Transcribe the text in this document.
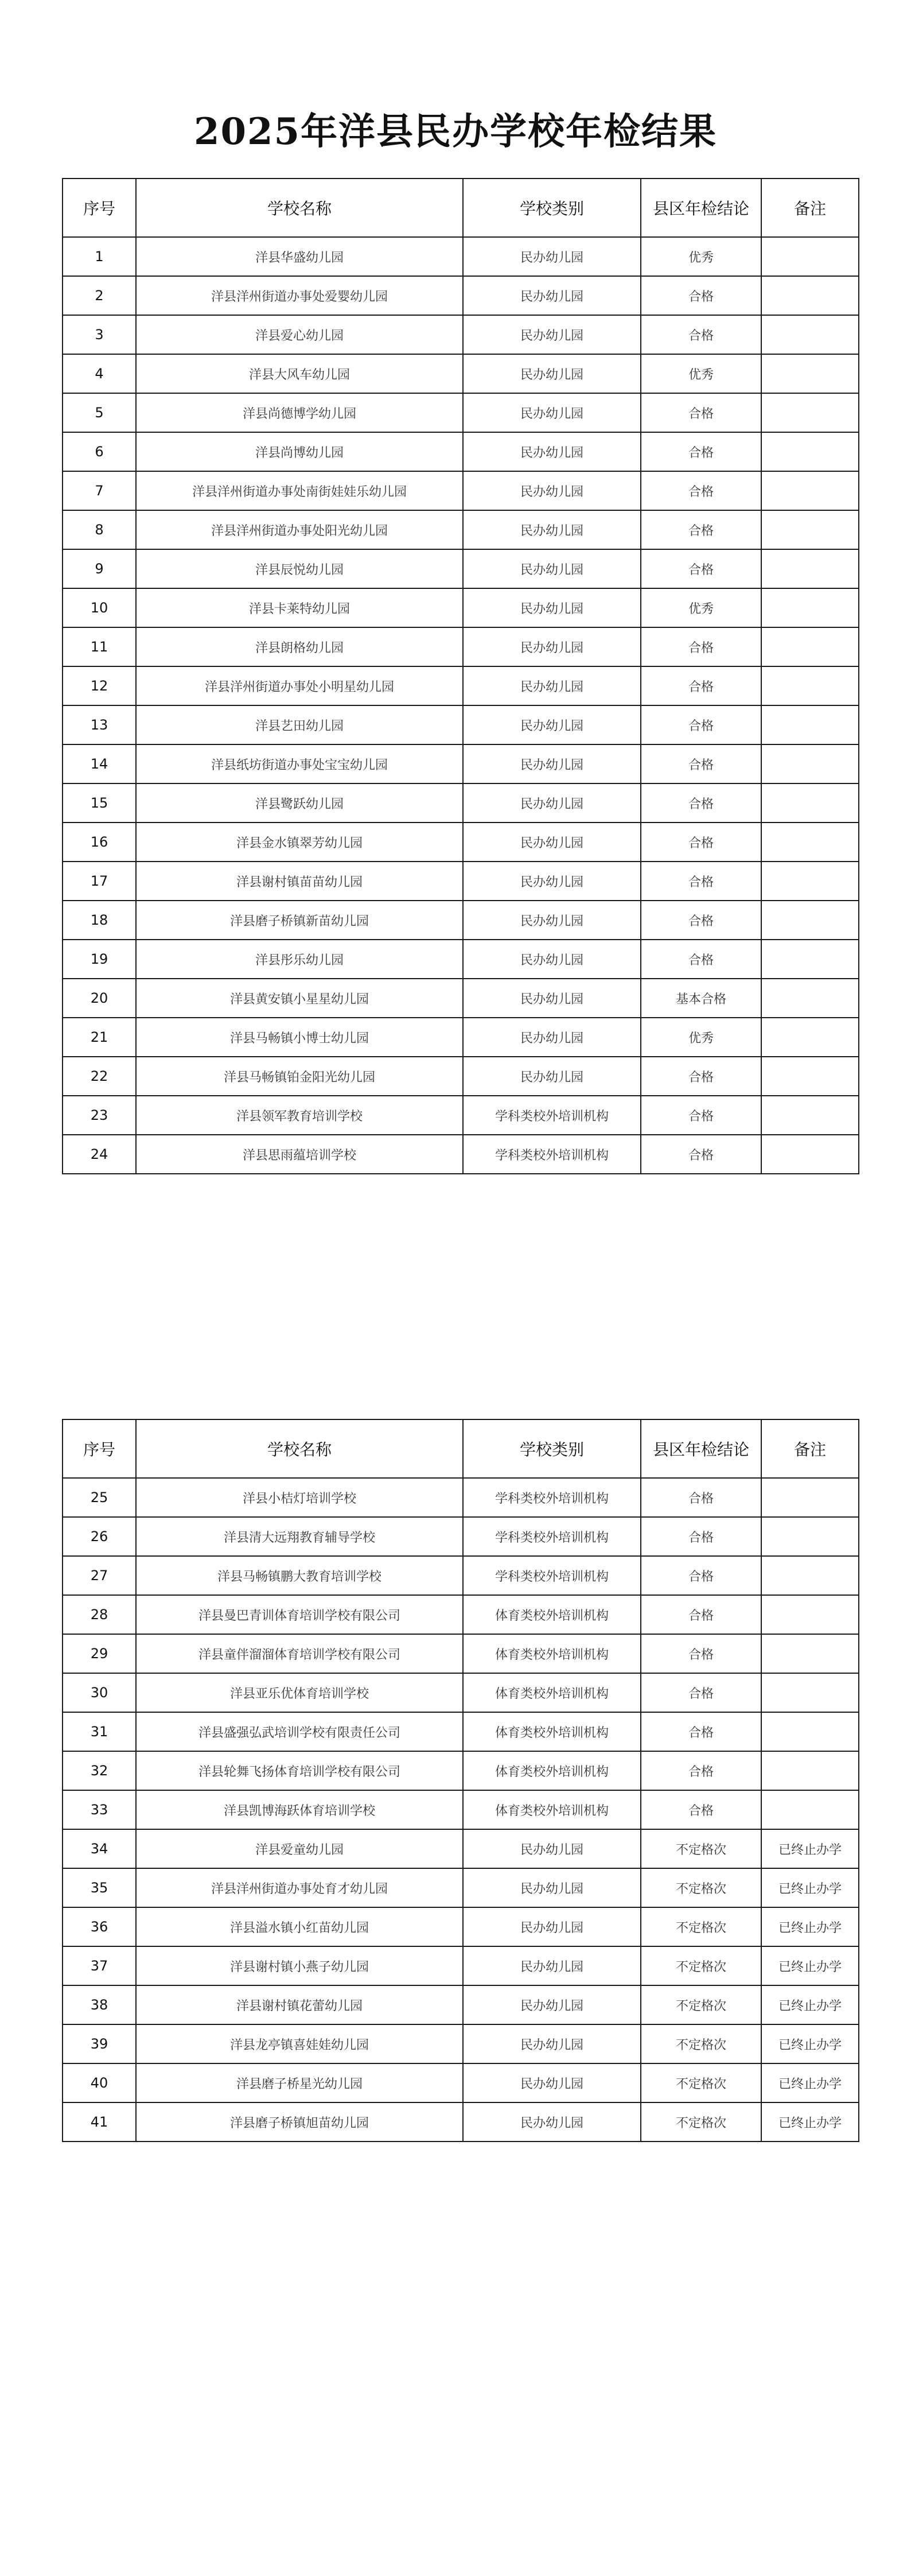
2025年洋县民办学校年检结果
序号	学校名称	学校类别	县区年检结论	备注
1	洋县华盛幼儿园	民办幼儿园	优秀	
2	洋县洋州街道办事处爱婴幼儿园	民办幼儿园	合格	
3	洋县爱心幼儿园	民办幼儿园	合格	
4	洋县大风车幼儿园	民办幼儿园	优秀	
5	洋县尚德博学幼儿园	民办幼儿园	合格	
6	洋县尚博幼儿园	民办幼儿园	合格	
7	洋县洋州街道办事处南街娃娃乐幼儿园	民办幼儿园	合格	
8	洋县洋州街道办事处阳光幼儿园	民办幼儿园	合格	
9	洋县辰悦幼儿园	民办幼儿园	合格	
10	洋县卡莱特幼儿园	民办幼儿园	优秀	
11	洋县朗格幼儿园	民办幼儿园	合格	
12	洋县洋州街道办事处小明星幼儿园	民办幼儿园	合格	
13	洋县艺田幼儿园	民办幼儿园	合格	
14	洋县纸坊街道办事处宝宝幼儿园	民办幼儿园	合格	
15	洋县鹭跃幼儿园	民办幼儿园	合格	
16	洋县金水镇翠芳幼儿园	民办幼儿园	合格	
17	洋县谢村镇苗苗幼儿园	民办幼儿园	合格	
18	洋县磨子桥镇新苗幼儿园	民办幼儿园	合格	
19	洋县彤乐幼儿园	民办幼儿园	合格	
20	洋县黄安镇小星星幼儿园	民办幼儿园	基本合格	
21	洋县马畅镇小博士幼儿园	民办幼儿园	优秀	
22	洋县马畅镇铂金阳光幼儿园	民办幼儿园	合格	
23	洋县领军教育培训学校	学科类校外培训机构	合格	
24	洋县思雨蕴培训学校	学科类校外培训机构	合格	
序号	学校名称	学校类别	县区年检结论	备注
25	洋县小桔灯培训学校	学科类校外培训机构	合格	
26	洋县清大远翔教育辅导学校	学科类校外培训机构	合格	
27	洋县马畅镇鹏大教育培训学校	学科类校外培训机构	合格	
28	洋县曼巴青训体育培训学校有限公司	体育类校外培训机构	合格	
29	洋县童伴溜溜体育培训学校有限公司	体育类校外培训机构	合格	
30	洋县亚乐优体育培训学校	体育类校外培训机构	合格	
31	洋县盛强弘武培训学校有限责任公司	体育类校外培训机构	合格	
32	洋县轮舞飞扬体育培训学校有限公司	体育类校外培训机构	合格	
33	洋县凯博海跃体育培训学校	体育类校外培训机构	合格	
34	洋县爱童幼儿园	民办幼儿园	不定格次	已终止办学
35	洋县洋州街道办事处育才幼儿园	民办幼儿园	不定格次	已终止办学
36	洋县溢水镇小红苗幼儿园	民办幼儿园	不定格次	已终止办学
37	洋县谢村镇小燕子幼儿园	民办幼儿园	不定格次	已终止办学
38	洋县谢村镇花蕾幼儿园	民办幼儿园	不定格次	已终止办学
39	洋县龙亭镇喜娃娃幼儿园	民办幼儿园	不定格次	已终止办学
40	洋县磨子桥星光幼儿园	民办幼儿园	不定格次	已终止办学
41	洋县磨子桥镇旭苗幼儿园	民办幼儿园	不定格次	已终止办学
